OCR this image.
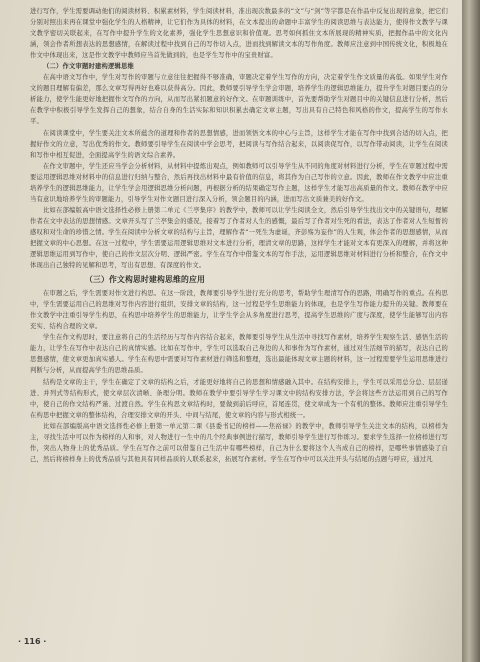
进行写作，学生需要调动他们的阅读材料、积累素材料，学生阅读材料，准出现次数最多的“文”与“剑”等字都是在作品中反复出现的意象，把它们分别对照出来再在课堂中强化学生的人格精神，让它们作为具体的材料，在文本提出的命题中丰富学生的阅读思维与表达能力，使得作文教学与课文教学密切关联起来，在写作中提升学生的文化素养，强化学生思想意识和价值观。思考如何抓住文本所展现的精神实质，把握作品中的文化内涵，领会作者所想表达的思想感情，在解读过程中找到自己的写作切入点，进而找到解读文本的写作角度。教师应注意到中国传统文化，积极地在作文中体现出来，这是作文教学中教师应当首先做到的，也是学生写作中的宝贵财富。

（二）作文审题时建构逻辑思维

在高中语文写作中，学生对写作的审题与立意往往把握得不够准确，审题决定着学生写作的方向，决定着学生作文质量的高低。如果学生对作文的题目理解有偏差，那么文章写得再好也难以获得高分。因此，教师要引导学生学会审题，培养学生的逻辑思维能力，提升学生对题目要点的分析能力，使学生能更好地把握作文写作的方向，从而写出紧扣题意的好作文。在审题训练中，首先要帮助学生对题目中的关键信息进行分析，然后在教学中积极引导学生发挥自己的想象，结合自身的生活实际和知识积累去确定文章主题，写出具有自己特色和风格的作文，提高学生的写作水平。

在阅读课堂中，学生要关注文本所蕴含的道理和作者的思想情感，进而领悟文本的中心与主旨，这样学生才能在写作中找到合适的切入点，把握好作文的立意，写出优秀的作文。教师要引导学生在阅读中学会思考，把阅读与写作结合起来，以阅读促写作，以写作带动阅读，让学生在阅读和写作中相互促进，全面提高学生的语文综合素养。

在作文审题中，学生还应当学会分析材料，从材料中提炼出观点，例如教师可以引导学生从不同的角度对材料进行分析，学生在审题过程中需要运用逻辑思维对材料中的信息进行归纳与整合，然后再找出材料中最有价值的信息，将其作为自己写作的立意。因此，教师在作文教学中应注重培养学生的逻辑思维能力，让学生学会用逻辑思维分析问题，再根据分析的结果确定写作主题，这样学生才能写出高质量的作文。教师在教学中应当有意识地培养学生的审题能力，引导学生对作文题目进行深入分析，领会题目的内涵，进而写出文质兼美的好作文。

比如在部编版高中语文选择性必修上册第二单元《兰亭集序》的教学中，教师可以让学生阅读全文，然后引导学生找出文中的关键语句，理解作者在文中表达的思想情感。文章开头写了兰亭集会的盛况，接着写了作者对人生的感慨，最后写了作者对生死的看法，表达了作者对人生短暂的感叹和对生命的珍惜之情。学生在阅读中分析文章的结构与主旨，理解作者“一死生为虚诞，齐彭殇为妄作”的人生观，体会作者的思想感情，从而把握文章的中心思想。在这一过程中，学生需要运用逻辑思维对文本进行分析，理清文章的思路，这样学生才能对文本有更深入的理解，并将这种逻辑思维运用到写作中，使自己的作文层次分明、逻辑严密。学生在写作中借鉴文本的写作手法，运用逻辑思维对材料进行分析和整合，在作文中体现出自己独特的见解和思考，写出有思想、有深度的作文。

（三）作文构思时建构思维的应用

在审题之后，学生需要对作文进行构思。在这一阶段，教师要引导学生进行充分的思考，帮助学生理清写作的思路，明确写作的重点。在构思中，学生需要运用自己的思维对写作内容进行组织，安排文章的结构，这一过程是学生思维能力的体现，也是学生写作能力提升的关键。教师要在作文教学中注重引导学生构思，在构思中培养学生的思维能力，让学生学会从多角度进行思考，提高学生思维的广度与深度，使学生能够写出内容充实、结构合理的文章。

学生在作文构思时，要注意将自己的生活经历与写作内容结合起来，教师要引导学生从生活中寻找写作素材，培养学生观察生活、感悟生活的能力，让学生在写作中表达自己的真情实感。比如在写作中，学生可以选取自己身边的人和事作为写作素材，通过对生活细节的描写，表达自己的思想感情，使文章更加真实感人。学生在构思中需要对写作素材进行筛选和整理，选出最能体现文章主题的材料，这一过程需要学生运用思维进行判断与分析，从而提高学生的思维品质。

结构是文章的主干，学生在确定了文章的结构之后，才能更好地将自己的思想和情感融入其中。在结构安排上，学生可以采用总分总、层层递进、并列式等结构形式，使文章层次清晰、条理分明。教师在教学中要引导学生学习课文中的结构安排方法，学会将这些方法运用到自己的写作中，使自己的作文结构严谨、过渡自然。学生在构思文章结构时，要做到前后呼应，首尾连贯，使文章成为一个有机的整体。教师应注重引导学生在构思中把握文章的整体结构，合理安排文章的开头、中间与结尾，使文章的内容与形式相统一。

比如在部编版高中语文选择性必修上册第一单元第二课《县委书记的榜样——焦裕禄》的教学中，教师引导学生关注文本的结构，以榜样为主，寻找生活中可以作为榜样的人和事，对人物进行一生中的几个经典事例进行描写，教师引导学生进行写作练习。要求学生选择一位榜样进行写作，突出人物身上的优秀品质。学生在写作之前可以借鉴自己生活中有哪些榜样，自己为什么要将这个人当成自己的榜样，是哪些事情感染了自己，然后将榜样身上的优秀品质与其他具有同样品质的人联系起来，拓展写作素材。学生在写作中可以关注开头与结尾的点题与呼应，通过凡

· 116 ·
